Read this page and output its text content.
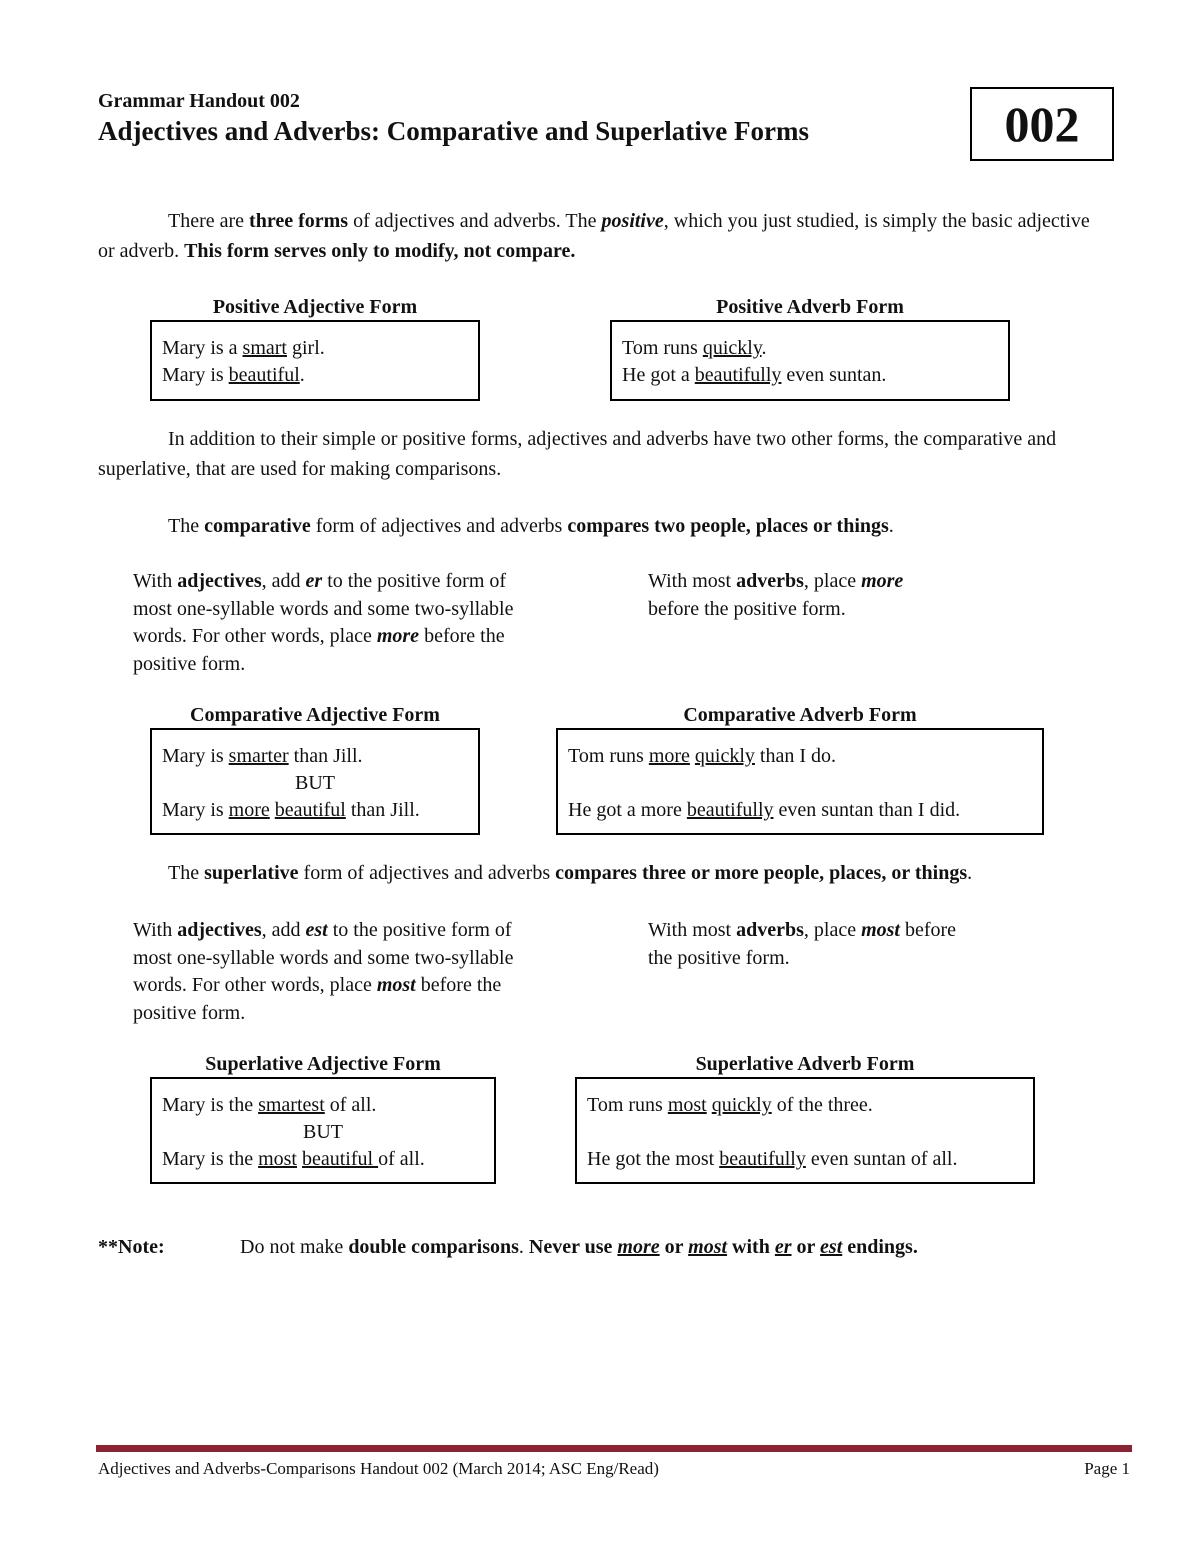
Grammar Handout 002
Adjectives and Adverbs: Comparative and Superlative Forms	002
There are three forms of adjectives and adverbs. The positive, which you just studied, is simply the basic adjective or adverb. This form serves only to modify, not compare.
Positive Adjective Form	Positive Adverb Form
Mary is a smart girl.
Mary is beautiful.
Tom runs quickly.
He got a beautifully even suntan.
In addition to their simple or positive forms, adjectives and adverbs have two other forms, the comparative and superlative, that are used for making comparisons.
The comparative form of adjectives and adverbs compares two people, places or things.
With adjectives, add er to the positive form of most one-syllable words and some two-syllable words. For other words, place more before the positive form.
With most adverbs, place more before the positive form.
Comparative Adjective Form	Comparative Adverb Form
Mary is smarter than Jill.
BUT
Mary is more beautiful than Jill.
Tom runs more quickly than I do.
He got a more beautifully even suntan than I did.
The superlative form of adjectives and adverbs compares three or more people, places, or things.
With adjectives, add est to the positive form of most one-syllable words and some two-syllable words. For other words, place most before the positive form.
With most adverbs, place most before the positive form.
Superlative Adjective Form	Superlative Adverb Form
Mary is the smartest of all.
BUT
Mary is the most beautiful of all.
Tom runs most quickly of the three.
He got the most beautifully even suntan of all.
**Note:	Do not make double comparisons. Never use more or most with er or est endings.
Adjectives and Adverbs-Comparisons Handout 002 (March 2014; ASC Eng/Read)	Page 1
